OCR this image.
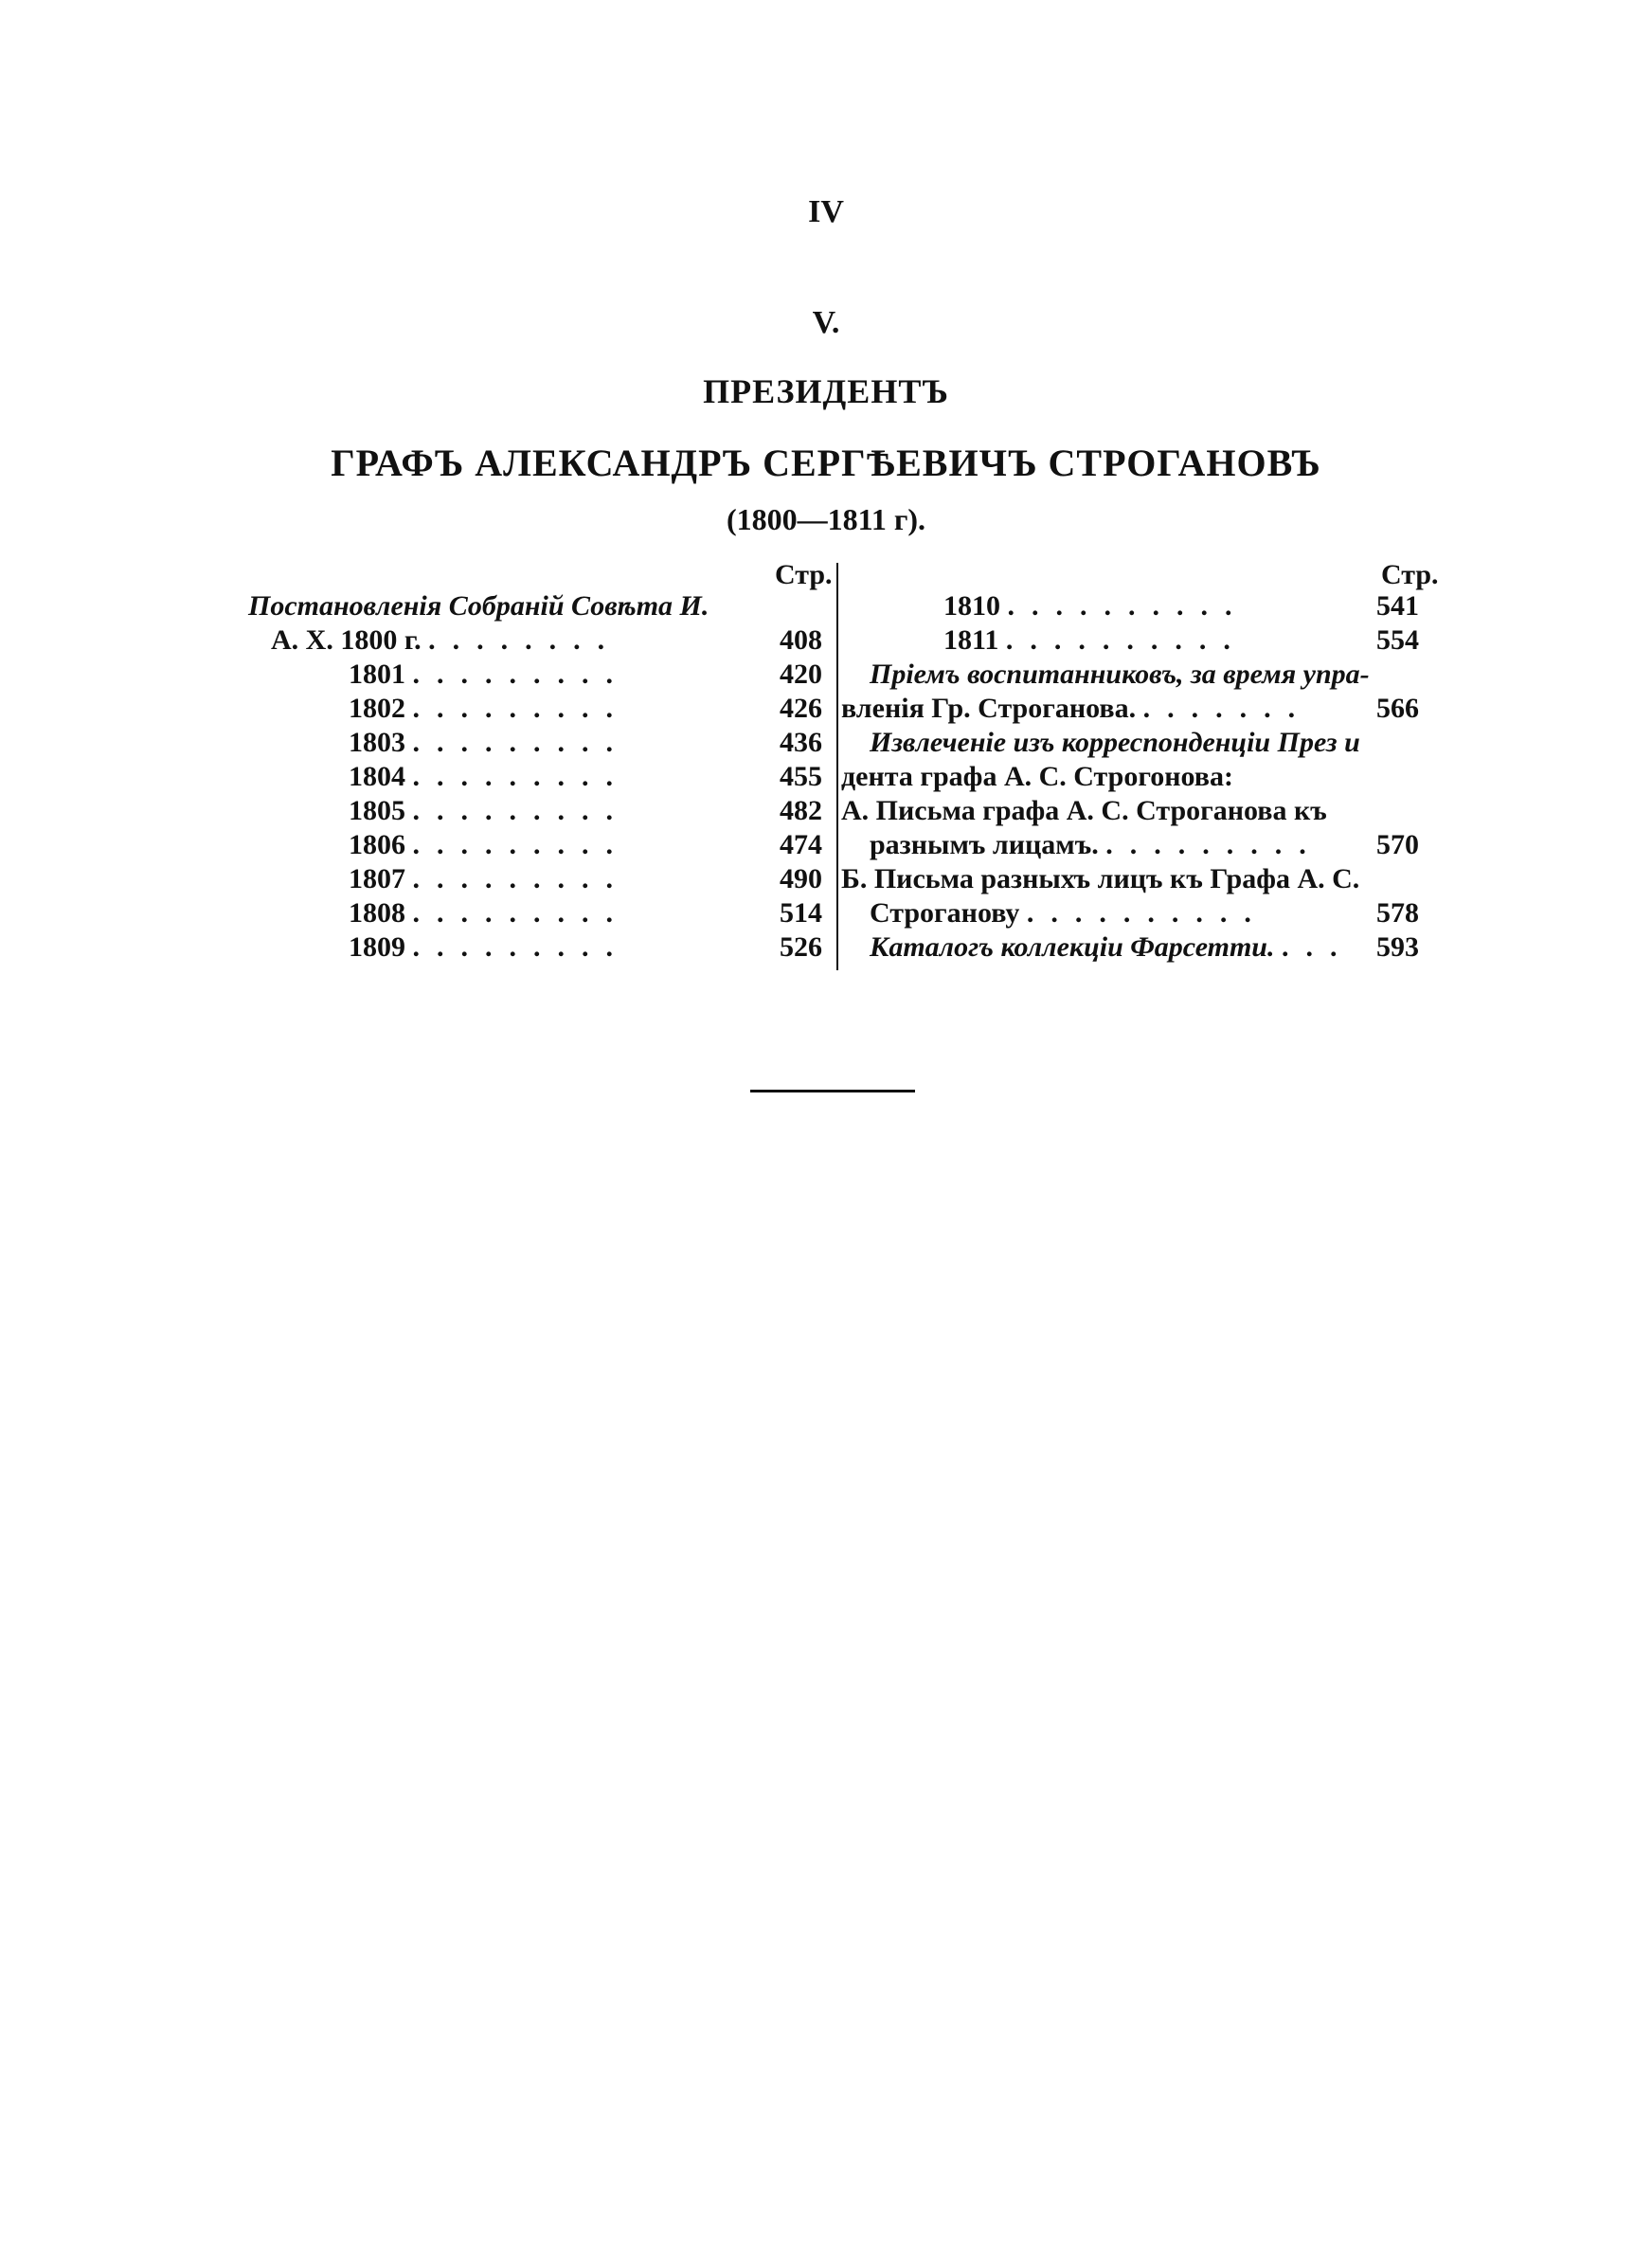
IV
V.
ПРЕЗИДЕНТЪ
ГРАФЪ АЛЕКСАНДРЪ СЕРГѢЕВИЧЪ СТРОГАНОВЪ
(1800—1811 г).
Стр.	Стр.
Постановленія Собраній Совѣта И.
А. Х. 1800 г. ........	408
1801 .........	420
1802 .........	426
1803 .........	436
1804 .........	455
1805 .........	482
1806 .........	474
1807 .........	490
1808 .........	514
1809 .........	526
1810 ..........	541
1811 ..........	554
Пріемъ воспитанниковъ, за время упра-
вленія Гр. Строганова. .......	566
Извлеченіе изъ корреспонденціи През и
дента графа А. С. Строгонова:
А. Письма графа А. С. Строганова къ
разнымъ лицамъ. .........	570
Б. Письма разныхъ лицъ къ Графа А. С.
Строганову ..........	578
Каталогъ коллекціи Фарсетти. ... 593
